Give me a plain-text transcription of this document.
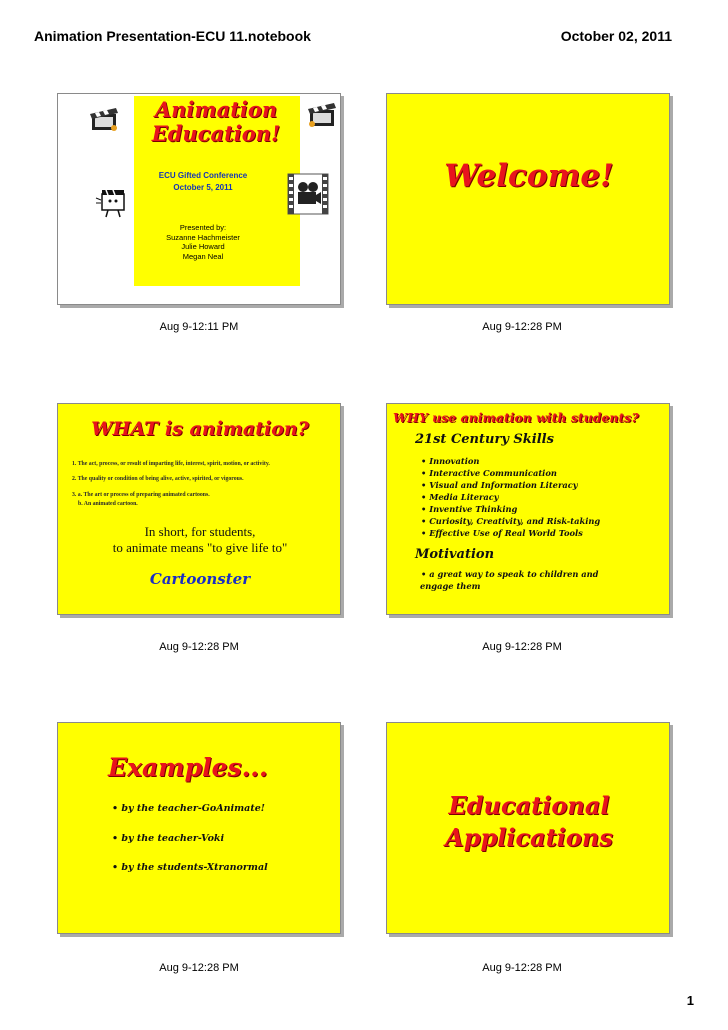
Animation Presentation-ECU 11.notebook	October 02, 2011
Animation
Education!
ECU Gifted Conference
October 5, 2011
Presented by:
Suzanne Hachmeister
Julie Howard
Megan Neal
Aug 9-12:11 PM
Welcome!
Aug 9-12:28 PM
WHAT is animation?
1. The act, process, or result of imparting life, interest, spirit, motion, or activity.
2. The quality or condition of being alive, active, spirited, or vigorous.
3. a. The art or process of preparing animated cartoons.
b. An animated cartoon.
In short, for students,
to animate means "to give life to"
Cartoonster
Aug 9-12:28 PM
WHY use animation with students?
21st Century Skills
• Innovation
• Interactive Communication
• Visual and Information Literacy
• Media Literacy
• Inventive Thinking
• Curiosity, Creativity, and Risk-taking
• Effective Use of Real World Tools
Motivation
• a great way to speak to children and
engage them
Aug 9-12:28 PM
Examples...
• by the teacher-GoAnimate!
• by the teacher-Voki
• by the students-Xtranormal
Aug 9-12:28 PM
Educational
Applications
Aug 9-12:28 PM
1
